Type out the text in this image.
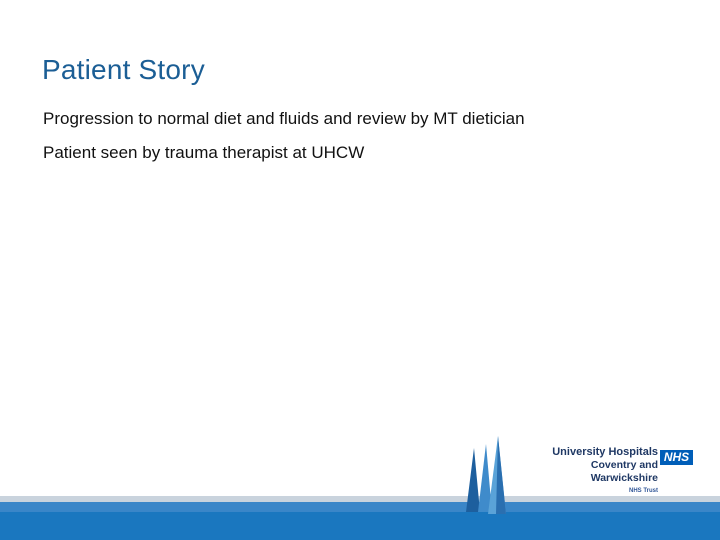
Patient Story

Progression to normal diet and fluids and review by MT dietician

Patient seen by trauma therapist at UHCW

University Hospitals
Coventry and Warwickshire
NHS Trust
NHS
